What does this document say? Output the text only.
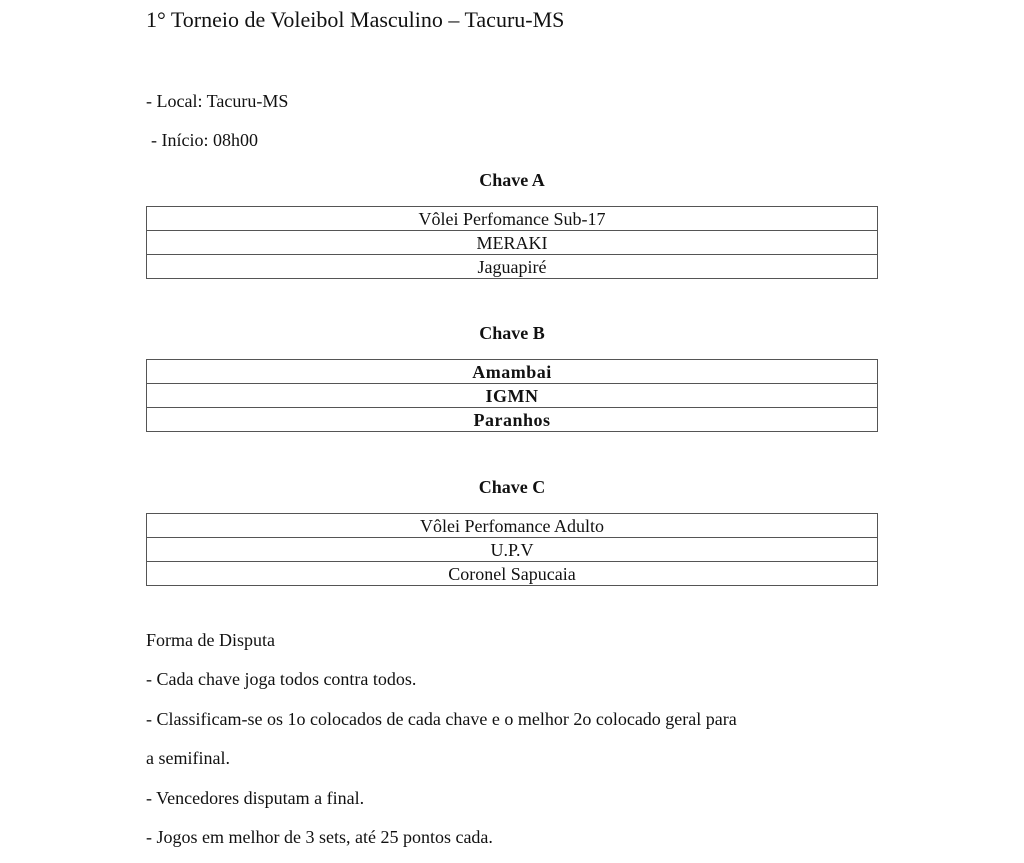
1° Torneio de Voleibol Masculino – Tacuru-MS
- Local: Tacuru-MS
- Início: 08h00
Chave A
Vôlei Perfomance Sub-17
MERAKI
Jaguapiré
Chave B
Amambai
IGMN
Paranhos
Chave C
Vôlei Perfomance Adulto
U.P.V
Coronel Sapucaia
Forma de Disputa
- Cada chave joga todos contra todos.
- Classificam-se os 1o colocados de cada chave e o melhor 2o colocado geral para
a semifinal.
- Vencedores disputam a final.
- Jogos em melhor de 3 sets, até 25 pontos cada.
